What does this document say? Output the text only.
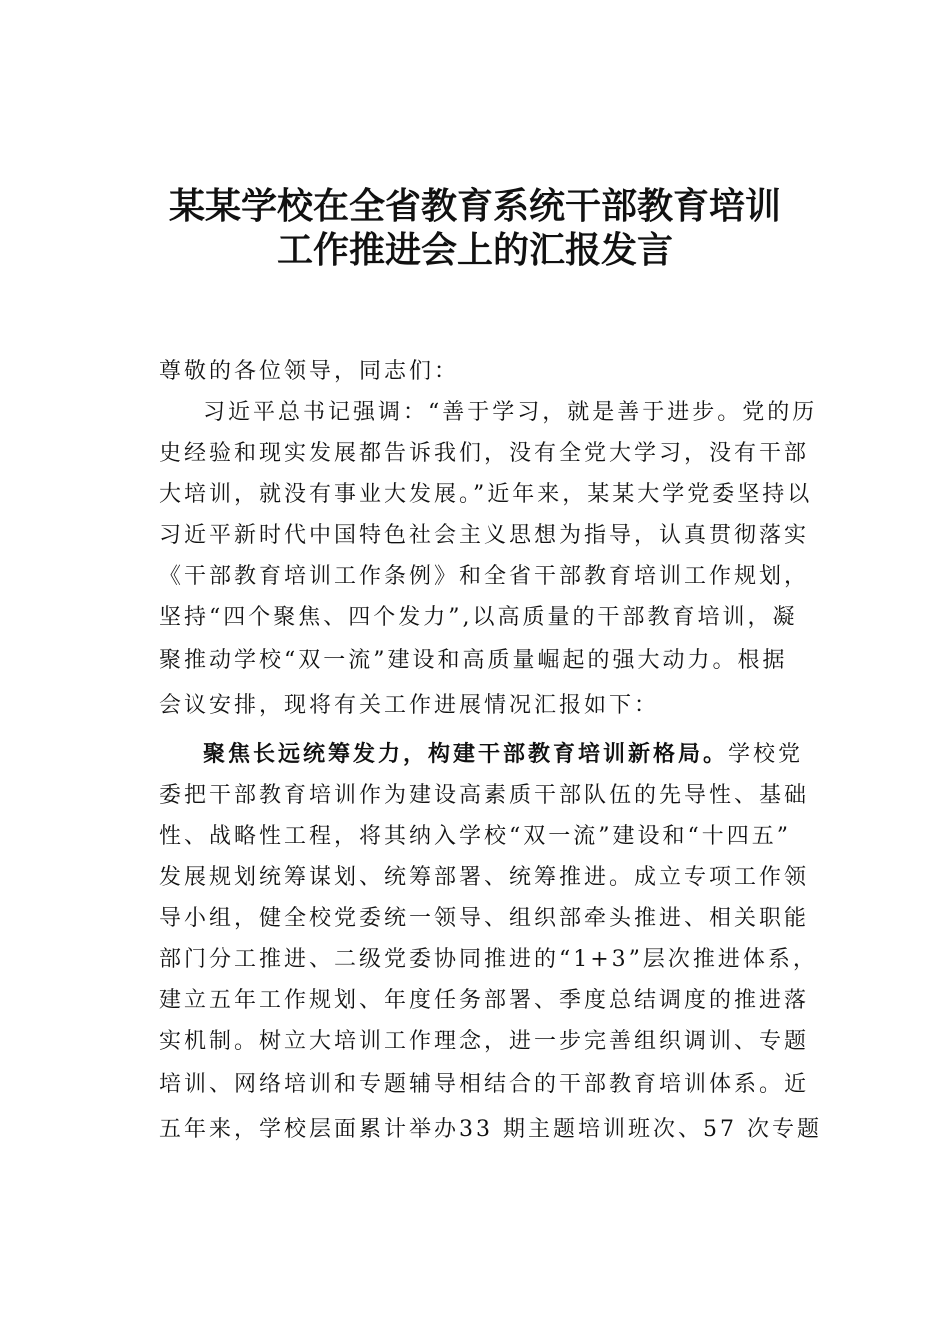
某某学校在全省教育系统干部教育培训
工作推进会上的汇报发言

尊敬的各位领导，同志们：

习近平总书记强调：“善于学习，就是善于进步。党的历
史经验和现实发展都告诉我们，没有全党大学习，没有干部
大培训，就没有事业大发展。”近年来，某某大学党委坚持以
习近平新时代中国特色社会主义思想为指导，认真贯彻落实
《干部教育培训工作条例》和全省干部教育培训工作规划，
坚持“四个聚焦、四个发力”,以高质量的干部教育培训，凝
聚推动学校“双一流”建设和高质量崛起的强大动力。根据
会议安排，现将有关工作进展情况汇报如下：

聚焦长远统筹发力，构建干部教育培训新格局。学校党
委把干部教育培训作为建设高素质干部队伍的先导性、基础
性、战略性工程，将其纳入学校“双一流”建设和“十四五”
发展规划统筹谋划、统筹部署、统筹推进。成立专项工作领
导小组，健全校党委统一领导、组织部牵头推进、相关职能
部门分工推进、二级党委协同推进的“1+3”层次推进体系，
建立五年工作规划、年度任务部署、季度总结调度的推进落
实机制。树立大培训工作理念，进一步完善组织调训、专题
培训、网络培训和专题辅导相结合的干部教育培训体系。近
五年来，学校层面累计举办33 期主题培训班次、57 次专题
